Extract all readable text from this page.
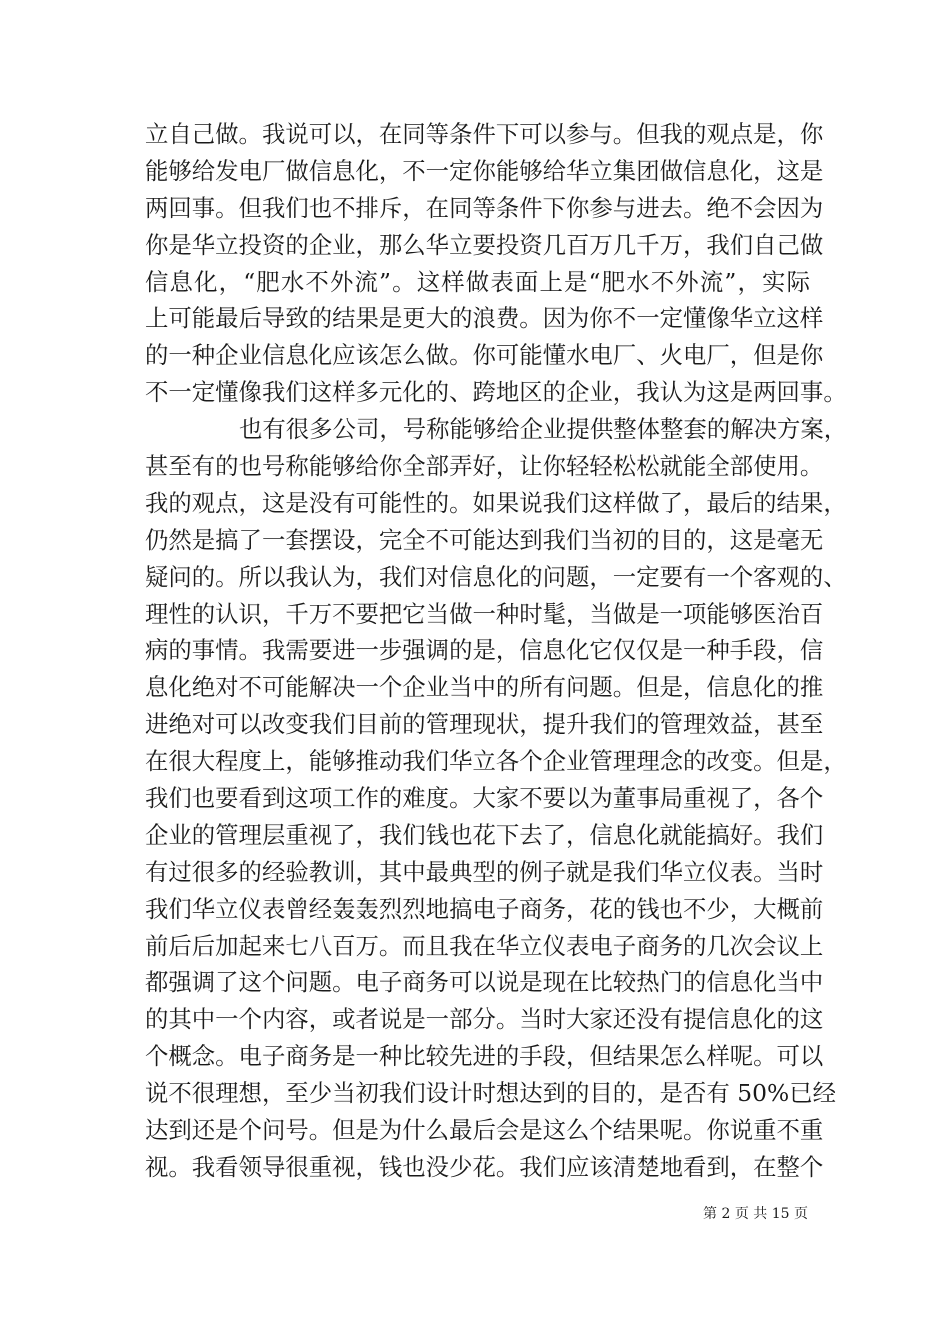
立自己做。我说可以，在同等条件下可以参与。但我的观点是，你
能够给发电厂做信息化，不一定你能够给华立集团做信息化，这是
两回事。但我们也不排斥，在同等条件下你参与进去。绝不会因为
你是华立投资的企业，那么华立要投资几百万几千万，我们自己做
信息化，“肥水不外流”。这样做表面上是“肥水不外流”，实际
上可能最后导致的结果是更大的浪费。因为你不一定懂像华立这样
的一种企业信息化应该怎么做。你可能懂水电厂、火电厂，但是你
不一定懂像我们这样多元化的、跨地区的企业，我认为这是两回事。
也有很多公司，号称能够给企业提供整体整套的解决方案，
甚至有的也号称能够给你全部弄好，让你轻轻松松就能全部使用。
我的观点，这是没有可能性的。如果说我们这样做了，最后的结果，
仍然是搞了一套摆设，完全不可能达到我们当初的目的，这是毫无
疑问的。所以我认为，我们对信息化的问题，一定要有一个客观的、
理性的认识，千万不要把它当做一种时髦，当做是一项能够医治百
病的事情。我需要进一步强调的是，信息化它仅仅是一种手段，信
息化绝对不可能解决一个企业当中的所有问题。但是，信息化的推
进绝对可以改变我们目前的管理现状，提升我们的管理效益，甚至
在很大程度上，能够推动我们华立各个企业管理理念的改变。但是，
我们也要看到这项工作的难度。大家不要以为董事局重视了，各个
企业的管理层重视了，我们钱也花下去了，信息化就能搞好。我们
有过很多的经验教训，其中最典型的例子就是我们华立仪表。当时
我们华立仪表曾经轰轰烈烈地搞电子商务，花的钱也不少，大概前
前后后加起来七八百万。而且我在华立仪表电子商务的几次会议上
都强调了这个问题。电子商务可以说是现在比较热门的信息化当中
的其中一个内容，或者说是一部分。当时大家还没有提信息化的这
个概念。电子商务是一种比较先进的手段，但结果怎么样呢。可以
说不很理想，至少当初我们设计时想达到的目的，是否有 50%已经
达到还是个问号。但是为什么最后会是这么个结果呢。你说重不重
视。我看领导很重视，钱也没少花。我们应该清楚地看到，在整个
第 2 页 共 15 页
